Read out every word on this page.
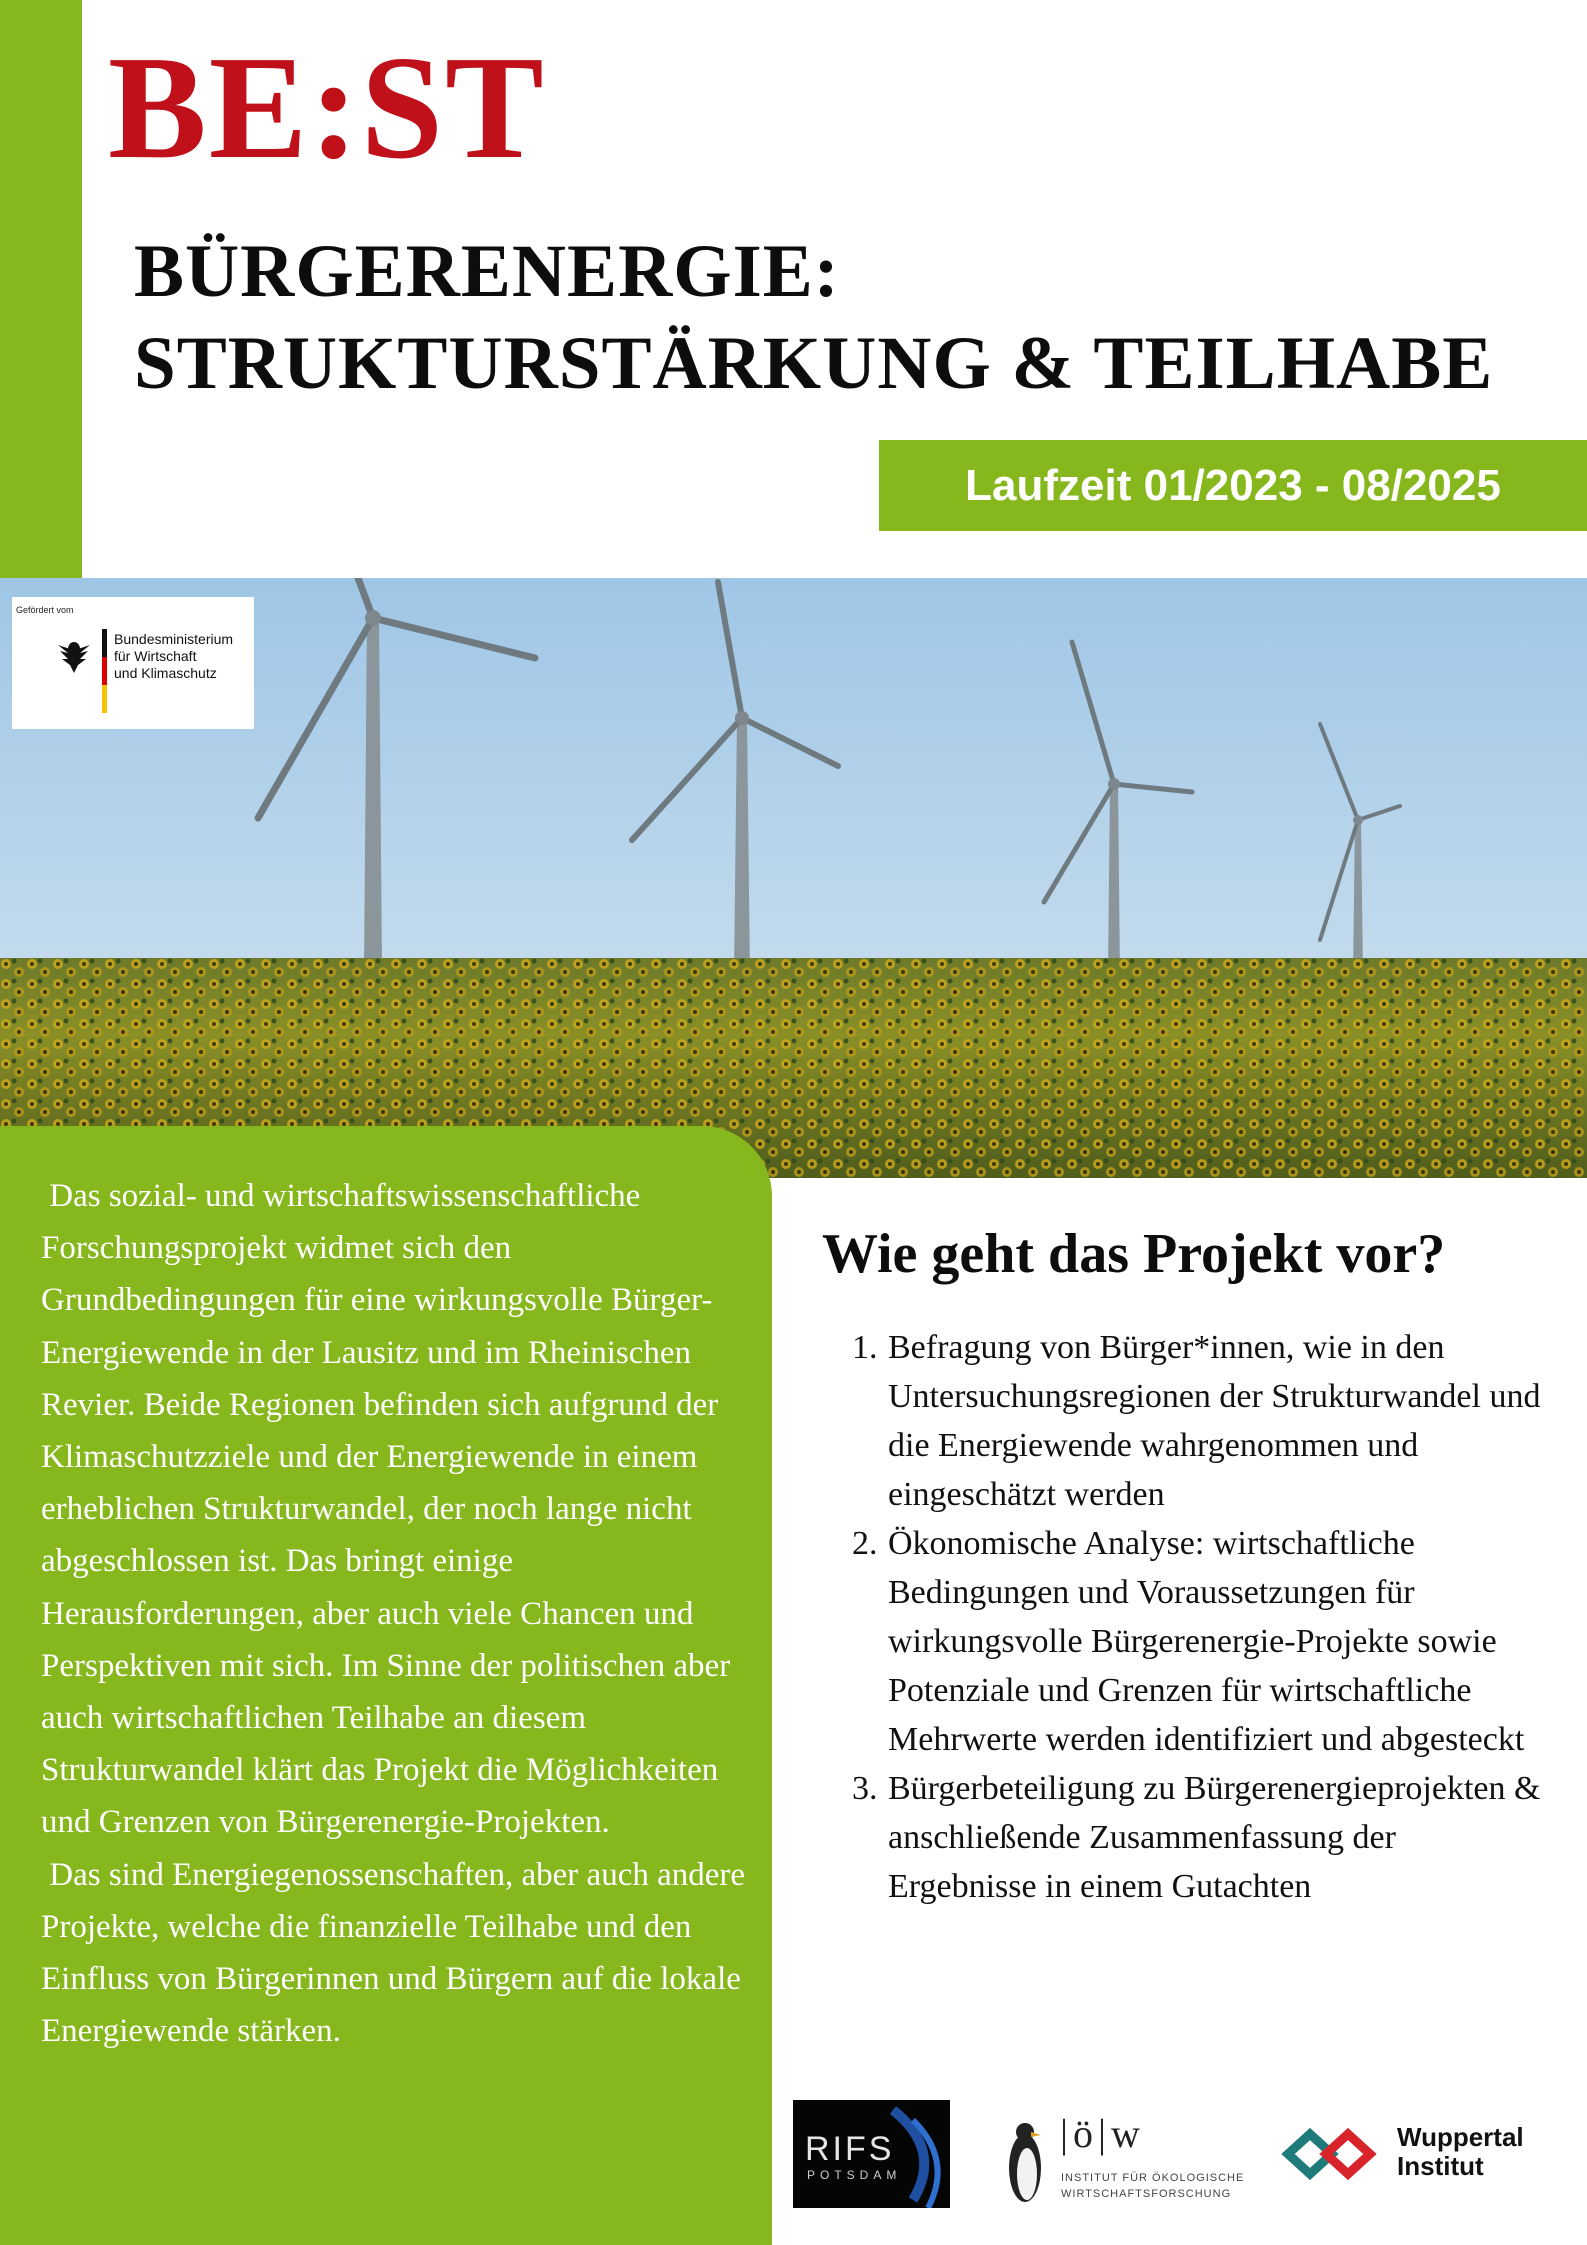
BE:ST
BÜRGERENERGIE:
STRUKTURSTÄRKUNG & TEILHABE
Laufzeit 01/2023 - 08/2025
Gefördert vom
Bundesministerium
für Wirtschaft
und Klimaschutz

Das sozial- und wirtschaftswissenschaftliche Forschungsprojekt widmet sich den Grundbedingungen für eine wirkungsvolle Bürger-Energiewende in der Lausitz und im Rheinischen Revier. Beide Regionen befinden sich aufgrund der Klimaschutzziele und der Energiewende in einem erheblichen Strukturwandel, der noch lange nicht abgeschlossen ist. Das bringt einige Herausforderungen, aber auch viele Chancen und Perspektiven mit sich. Im Sinne der politischen aber auch wirtschaftlichen Teilhabe an diesem Strukturwandel klärt das Projekt die Möglichkeiten und Grenzen von Bürgerenergie-Projekten.

Das sind Energiegenossenschaften, aber auch andere Projekte, welche die finanzielle Teilhabe und den Einfluss von Bürgerinnen und Bürgern auf die lokale Energiewende stärken.

Wie geht das Projekt vor?
1. Befragung von Bürger*innen, wie in den Untersuchungsregionen der Strukturwandel und die Energiewende wahrgenommen und eingeschätzt werden
2. Ökonomische Analyse: wirtschaftliche Bedingungen und Voraussetzungen für wirkungsvolle Bürgerenergie-Projekte sowie Potenziale und Grenzen für wirtschaftliche Mehrwerte werden identifiziert und abgesteckt
3. Bürgerbeteiligung zu Bürgerenergieprojekten & anschließende Zusammenfassung der Ergebnisse in einem Gutachten
RIFS
POTSDAM
|ö|w
INSTITUT FÜR ÖKOLOGISCHE
WIRTSCHAFTSFORSCHUNG
Wuppertal
Institut
